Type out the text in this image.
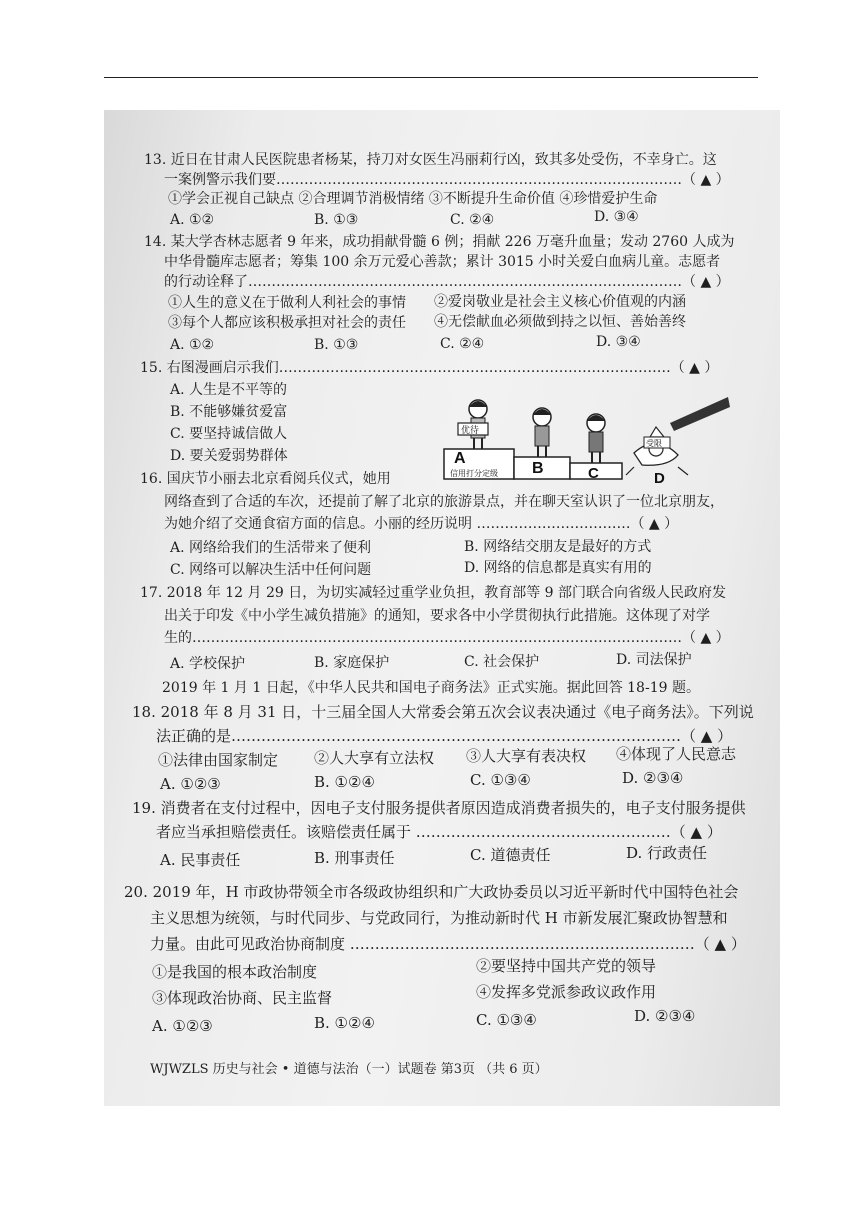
13. 近日在甘肃人民医院患者杨某，持刀对女医生冯丽莉行凶，致其多处受伤，不幸身亡。这
一案例警示我们要……………………………………………………………………………（ ▲ ）
①学会正视自己缺点 ②合理调节消极情绪 ③不断提升生命价值 ④珍惜爱护生命
A. ①②	B. ①③	C. ②④	D. ③④
14. 某大学杏林志愿者 9 年来，成功捐献骨髓 6 例；捐献 226 万毫升血量；发动 2760 人成为
中华骨髓库志愿者；筹集 100 余万元爱心善款；累计 3015 小时关爱白血病儿童。志愿者
的行动诠释了…………………………………………………………………………………（ ▲ ）
①人生的意义在于做利人利社会的事情 ②爱岗敬业是社会主义核心价值观的内涵
③每个人都应该积极承担对社会的责任 ④无偿献血必须做到持之以恒、善始善终
A. ①②	B. ①③	C. ②④	D. ③④
15. 右图漫画启示我们…………………………………………………………………………（ ▲ ）
A. 人生是不平等的
B. 不能够嫌贫爱富
C. 要坚持诚信做人
D. 要关爱弱势群体	A
信用打分定级 B	C	D
优待
受限
16. 国庆节小丽去北京看阅兵仪式，她用
网络查到了合适的车次，还提前了解了北京的旅游景点，并在聊天室认识了一位北京朋友，
为她介绍了交通食宿方面的信息。小丽的经历说明 ……………………………（ ▲ ）
A. 网络给我们的生活带来了便利	B. 网络结交朋友是最好的方式
C. 网络可以解决生活中任何问题	D. 网络的信息都是真实有用的
17. 2018 年 12 月 29 日，为切实减轻过重学业负担，教育部等 9 部门联合向省级人民政府发
出关于印发《中小学生减负措施》的通知，要求各中小学贯彻执行此措施。这体现了对学
生的……………………………………………………………………………………………（ ▲ ）
A. 学校保护	B. 家庭保护	C. 社会保护	D. 司法保护
2019 年 1 月 1 日起，《中华人民共和国电子商务法》正式实施。据此回答 18-19 题。
18. 2018 年 8 月 31 日，十三届全国人大常委会第五次会议表决通过《电子商务法》。下列说
法正确的是………………………………………………………………………………（ ▲ ）
①法律由国家制定 ②人大享有立法权 ③人大享有表决权 ④体现了人民意志
A. ①②③	B. ①②④	C. ①③④	D. ②③④
19. 消费者在支付过程中，因电子支付服务提供者原因造成消费者损失的，电子支付服务提供
者应当承担赔偿责任。该赔偿责任属于 ……………………………………………（ ▲ ）
A. 民事责任	B. 刑事责任	C. 道德责任	D. 行政责任
20. 2019 年，H 市政协带领全市各级政协组织和广大政协委员以习近平新时代中国特色社会
主义思想为统领，与时代同步、与党政同行，为推动新时代 H 市新发展汇聚政协智慧和
力量。由此可见政治协商制度 ……………………………………………………………（ ▲ ）
①是我国的根本政治制度	②要坚持中国共产党的领导
③体现政治协商、民主监督	④发挥多党派参政议政作用
A. ①②③	B. ①②④	C. ①③④	D. ②③④
WJWZLS 历史与社会 • 道德与法治（一）试题卷 第3页 （共 6 页）
